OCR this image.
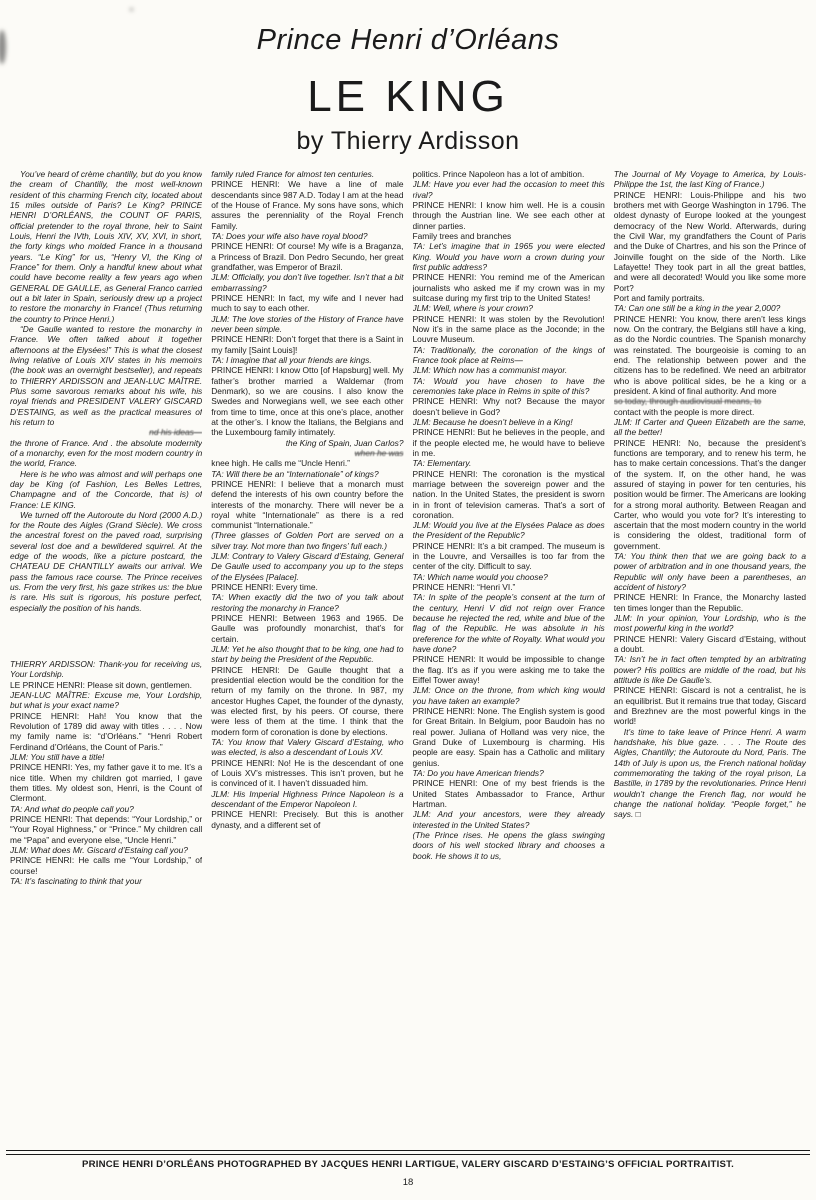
Prince Henri d’Orléans
LE KING
by Thierry Ardisson

You’ve heard of crème chantilly, but do you know the cream of Chantilly, the most well-known resident of this charming French city, located about 15 miles outside of Paris? Le King? PRINCE HENRI D’ORLÉANS, the COUNT OF PARIS, official pretender to the royal throne, heir to Saint Louis, Henri the IVth, Louis XIV, XV, XVI, in short, the forty kings who molded France in a thousand years. “Le King” for us, “Henry VI, the King of France” for them. Only a handful knew about what could have become reality a few years ago when GENERAL DE GAULLE, as General Franco carried out a bit later in Spain, seriously drew up a project to restore the monarchy in France! (Thus returning the country to Prince Henri.)

“De Gaulle wanted to restore the monarchy in France. We often talked about it together afternoons at the Elysées!” This is what the closest living relative of Louis XIV states in his memoirs (the book was an overnight bestseller), and repeats to THIERRY ARDISSON and JEAN-LUC MAÎTRE. Plus some savorous remarks about his wife, his royal friends and PRESIDENT VALERY GISCARD D’ESTAING, as well as the practical measures of his return to

nd his ideas—

the throne of France. And . the absolute modernity of a monarchy, even for the most modern country in the world, France.

Here is he who was almost and will perhaps one day be King (of Fashion, Les Belles Lettres, Champagne and of the Concorde, that is) of France: LE KING.

We turned off the Autoroute du Nord (2000 A.D.) for the Route des Aigles (Grand Siècle). We cross the ancestral forest on the paved road, surprising several lost doe and a bewildered squirrel. At the edge of the woods, like a picture postcard, the CHATEAU DE CHANTILLY awaits our arrival. We pass the famous race course. The Prince receives us. From the very first, his gaze strikes us: the blue is rare. His suit is rigorous, his posture perfect, especially the position of his hands.

THIERRY ARDISSON: Thank-you for receiving us, Your Lordship.

LE PRINCE HENRI: Please sit down, gentlemen.

JEAN-LUC MAÎTRE: Excuse me, Your Lordship, but what is your exact name?

PRINCE HENRI: Hah! You know that the Revolution of 1789 did away with titles . . . . Now my family name is: “d’Orléans.” “Henri Robert Ferdinand d’Orléans, the Count of Paris.”

JLM: You still have a title!

PRINCE HENRI: Yes, my father gave it to me. It’s a nice title. When my children got married, I gave them titles. My oldest son, Henri, is the Count of Clermont.

TA: And what do people call you?

PRINCE HENRI: That depends: “Your Lordship,” or “Your Royal Highness,” or “Prince.” My children call me “Papa” and everyone else, “Uncle Henri.”

JLM: What does Mr. Giscard d’Estaing call you?

PRINCE HENRI: He calls me “Your Lordship,” of course!

TA: It’s fascinating to think that your

family ruled France for almost ten centuries.

PRINCE HENRI: We have a line of male descendants since 987 A.D. Today I am at the head of the House of France. My sons have sons, which assures the perenniality of the Royal French Family.

TA: Does your wife also have royal blood?

PRINCE HENRI: Of course! My wife is a Braganza, a Princess of Brazil. Don Pedro Secundo, her great grandfather, was Emperor of Brazil.

JLM: Officially, you don’t live together. Isn’t that a bit embarrassing?

PRINCE HENRI: In fact, my wife and I never had much to say to each other.

JLM: The love stories of the History of France have never been simple.

PRINCE HENRI: Don’t forget that there is a Saint in my family [Saint Louis]!

TA: I imagine that all your friends are kings.

PRINCE HENRI: I know Otto [of Hapsburg] well. My father’s brother married a Waldemar (from Denmark), so we are cousins. I also know the Swedes and Norwegians well, we see each other from time to time, once at this one’s place, another at the other’s. I know the Italians, the Belgians and the Luxembourg family intimately.

the King of Spain, Juan Carlos?

when he was

knee high. He calls me “Uncle Henri.”

TA: Will there be an “Internationale” of kings?

PRINCE HENRI: I believe that a monarch must defend the interests of his own country before the interests of the monarchy. There will never be a royal white “Internationale” as there is a red communist “Internationale.”

(Three glasses of Golden Port are served on a silver tray. Not more than two fingers’ full each.)

JLM: Contrary to Valery Giscard d’Estaing, General De Gaulle used to accompany you up to the steps of the Elysées [Palace].

PRINCE HENRI: Every time.

TA: When exactly did the two of you talk about restoring the monarchy in France?

PRINCE HENRI: Between 1963 and 1965. De Gaulle was profoundly monarchist, that’s for certain.

JLM: Yet he also thought that to be king, one had to start by being the President of the Republic.

PRINCE HENRI: De Gaulle thought that a presidential election would be the condition for the return of my family on the throne. In 987, my ancestor Hughes Capet, the founder of the dynasty, was elected first, by his peers. Of course, there were less of them at the time. I think that the modern form of coronation is done by elections.

TA: You know that Valery Giscard d’Estaing, who was elected, is also a descendant of Louis XV.

PRINCE HENRI: No! He is the descendant of one of Louis XV’s mistresses. This isn’t proven, but he is convinced of it. I haven’t dissuaded him.

JLM: His Imperial Highness Prince Napoleon is a descendant of the Emperor Napoleon I.

PRINCE HENRI: Precisely. But this is another dynasty, and a different set of

politics. Prince Napoleon has a lot of ambition.

JLM: Have you ever had the occasion to meet this rival?

PRINCE HENRI: I know him well. He is a cousin through the Austrian line. We see each other at dinner parties.

Family trees and branches

TA: Let’s imagine that in 1965 you were elected King. Would you have worn a crown during your first public address?

PRINCE HENRI: You remind me of the American journalists who asked me if my crown was in my suitcase during my first trip to the United States!

JLM: Well, where is your crown?

PRINCE HENRI: It was stolen by the Revolution! Now it’s in the same place as the Joconde; in the Louvre Museum.

TA: Traditionally, the coronation of the kings of France took place at Reims—

JLM: Which now has a communist mayor.

TA: Would you have chosen to have the ceremonies take place in Reims in spite of this?

PRINCE HENRI: Why not? Because the mayor doesn’t believe in God?

JLM: Because he doesn’t believe in a King!

PRINCE HENRI: But he believes in the people, and if the people elected me, he would have to believe in me.

TA: Elementary.

PRINCE HENRI: The coronation is the mystical marriage between the sovereign power and the nation. In the United States, the president is sworn in in front of television cameras. That’s a sort of coronation.

JLM: Would you live at the Elysées Palace as does the President of the Republic?

PRINCE HENRI: It’s a bit cramped. The museum is in the Louvre, and Versailles is too far from the center of the city. Difficult to say.

TA: Which name would you choose?

PRINCE HENRI: “Henri VI.”

TA: In spite of the people’s consent at the turn of the century, Henri V did not reign over France because he rejected the red, white and blue of the flag of the Republic. He was absolute in his preference for the white of Royalty. What would you have done?

PRINCE HENRI: It would be impossible to change the flag. It’s as if you were asking me to take the Eiffel Tower away!

JLM: Once on the throne, from which king would you have taken an example?

PRINCE HENRI: None. The English system is good for Great Britain. In Belgium, poor Baudoin has no real power. Juliana of Holland was very nice, the Grand Duke of Luxembourg is charming. His people are easy. Spain has a Catholic and military genius.

TA: Do you have American friends?

PRINCE HENRI: One of my best friends is the United States Ambassador to France, Arthur Hartman.

JLM: And your ancestors, were they already interested in the United States?

(The Prince rises. He opens the glass swinging doors of his well stocked library and chooses a book. He shows it to us,

The Journal of My Voyage to America, by Louis-Philippe the 1st, the last King of France.)

PRINCE HENRI: Louis-Philippe and his two brothers met with George Washington in 1796. The oldest dynasty of Europe looked at the youngest democracy of the New World. Afterwards, during the Civil War, my grandfathers the Count of Paris and the Duke of Chartres, and his son the Prince of Joinville fought on the side of the North. Like Lafayette! They took part in all the great battles, and were all decorated! Would you like some more Port?

Port and family portraits.

TA: Can one still be a king in the year 2,000?

PRINCE HENRI: You know, there aren’t less kings now. On the contrary, the Belgians still have a king, as do the Nordic countries. The Spanish monarchy was reinstated. The bourgeoisie is coming to an end. The relationship between power and the citizens has to be redefined. We need an arbitrator who is above political sides, be he a king or a president. A kind of final authority. And more

so today, through audiovisual means, to

contact with the people is more direct.

JLM: If Carter and Queen Elizabeth are the same, all the better!

PRINCE HENRI: No, because the president’s functions are temporary, and to renew his term, he has to make certain concessions. That’s the danger of the system. If, on the other hand, he was assured of staying in power for ten centuries, his position would be firmer. The Americans are looking for a strong moral authority. Between Reagan and Carter, who would you vote for? It’s interesting to ascertain that the most modern country in the world is considering the oldest, traditional form of government.

TA: You think then that we are going back to a power of arbitration and in one thousand years, the Republic will only have been a parentheses, an accident of history?

PRINCE HENRI: In France, the Monarchy lasted ten times longer than the Republic.

JLM: In your opinion, Your Lordship, who is the most powerful king in the world?

PRINCE HENRI: Valery Giscard d’Estaing, without a doubt.

TA: Isn’t he in fact often tempted by an arbitrating power? His politics are middle of the road, but his attitude is like De Gaulle’s.

PRINCE HENRI: Giscard is not a centralist, he is an equilibrist. But it remains true that today, Giscard and Brezhnev are the most powerful kings in the world!

It’s time to take leave of Prince Henri. A warm handshake, his blue gaze. . . . The Route des Aigles, Chantilly; the Autoroute du Nord, Paris. The 14th of July is upon us, the French national holiday commemorating the taking of the royal prison, La Bastille, in 1789 by the revolutionaries. Prince Henri wouldn’t change the French flag, nor would he change the national holiday. “People forget,” he says. □

PRINCE HENRI D’ORLÉANS PHOTOGRAPHED BY JACQUES HENRI LARTIGUE, VALERY GISCARD D’ESTAING’S OFFICIAL PORTRAITIST.
18
